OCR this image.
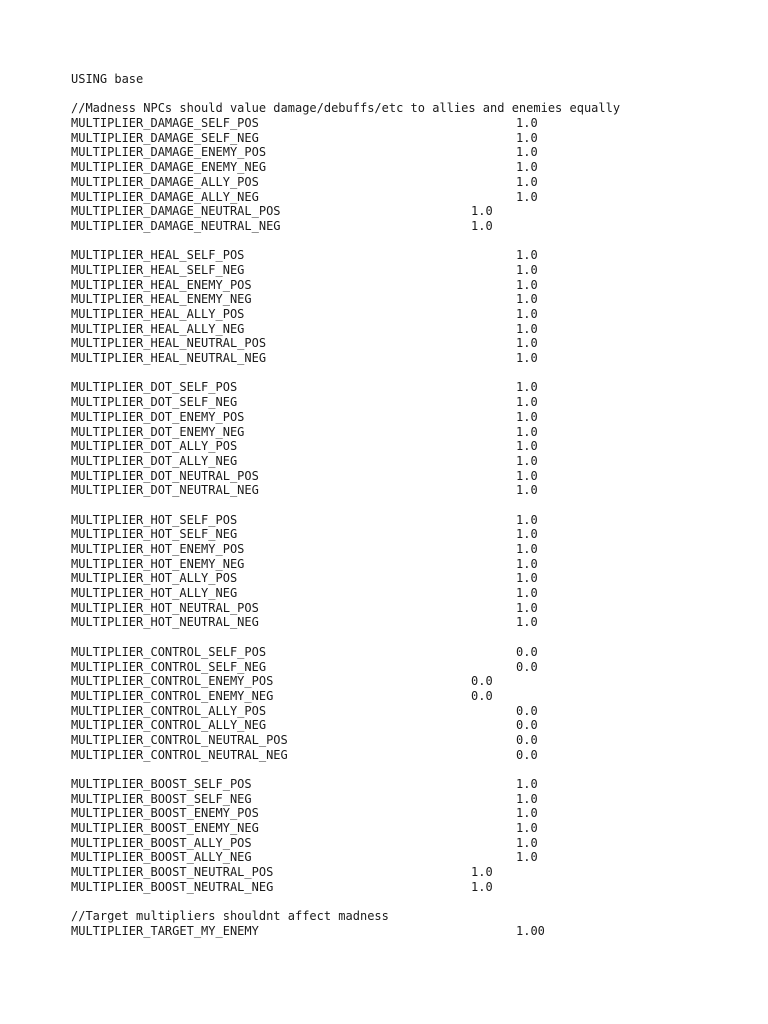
USING base
//Madness NPCs should value damage/debuffs/etc to allies and enemies equally
MULTIPLIER_DAMAGE_SELF_POS	1.0
MULTIPLIER_DAMAGE_SELF_NEG	1.0
MULTIPLIER_DAMAGE_ENEMY_POS	1.0
MULTIPLIER_DAMAGE_ENEMY_NEG	1.0
MULTIPLIER_DAMAGE_ALLY_POS	1.0
MULTIPLIER_DAMAGE_ALLY_NEG	1.0
MULTIPLIER_DAMAGE_NEUTRAL_POS	1.0
MULTIPLIER_DAMAGE_NEUTRAL_NEG	1.0
MULTIPLIER_HEAL_SELF_POS	1.0
MULTIPLIER_HEAL_SELF_NEG	1.0
MULTIPLIER_HEAL_ENEMY_POS	1.0
MULTIPLIER_HEAL_ENEMY_NEG	1.0
MULTIPLIER_HEAL_ALLY_POS	1.0
MULTIPLIER_HEAL_ALLY_NEG	1.0
MULTIPLIER_HEAL_NEUTRAL_POS	1.0
MULTIPLIER_HEAL_NEUTRAL_NEG	1.0
MULTIPLIER_DOT_SELF_POS	1.0
MULTIPLIER_DOT_SELF_NEG	1.0
MULTIPLIER_DOT_ENEMY_POS	1.0
MULTIPLIER_DOT_ENEMY_NEG	1.0
MULTIPLIER_DOT_ALLY_POS	1.0
MULTIPLIER_DOT_ALLY_NEG	1.0
MULTIPLIER_DOT_NEUTRAL_POS	1.0
MULTIPLIER_DOT_NEUTRAL_NEG	1.0
MULTIPLIER_HOT_SELF_POS	1.0
MULTIPLIER_HOT_SELF_NEG	1.0
MULTIPLIER_HOT_ENEMY_POS	1.0
MULTIPLIER_HOT_ENEMY_NEG	1.0
MULTIPLIER_HOT_ALLY_POS	1.0
MULTIPLIER_HOT_ALLY_NEG	1.0
MULTIPLIER_HOT_NEUTRAL_POS	1.0
MULTIPLIER_HOT_NEUTRAL_NEG	1.0
MULTIPLIER_CONTROL_SELF_POS	0.0
MULTIPLIER_CONTROL_SELF_NEG	0.0
MULTIPLIER_CONTROL_ENEMY_POS	0.0
MULTIPLIER_CONTROL_ENEMY_NEG	0.0
MULTIPLIER_CONTROL_ALLY_POS	0.0
MULTIPLIER_CONTROL_ALLY_NEG	0.0
MULTIPLIER_CONTROL_NEUTRAL_POS	0.0
MULTIPLIER_CONTROL_NEUTRAL_NEG	0.0
MULTIPLIER_BOOST_SELF_POS	1.0
MULTIPLIER_BOOST_SELF_NEG	1.0
MULTIPLIER_BOOST_ENEMY_POS	1.0
MULTIPLIER_BOOST_ENEMY_NEG	1.0
MULTIPLIER_BOOST_ALLY_POS	1.0
MULTIPLIER_BOOST_ALLY_NEG	1.0
MULTIPLIER_BOOST_NEUTRAL_POS	1.0
MULTIPLIER_BOOST_NEUTRAL_NEG	1.0
//Target multipliers shouldnt affect madness
MULTIPLIER_TARGET_MY_ENEMY	1.00
